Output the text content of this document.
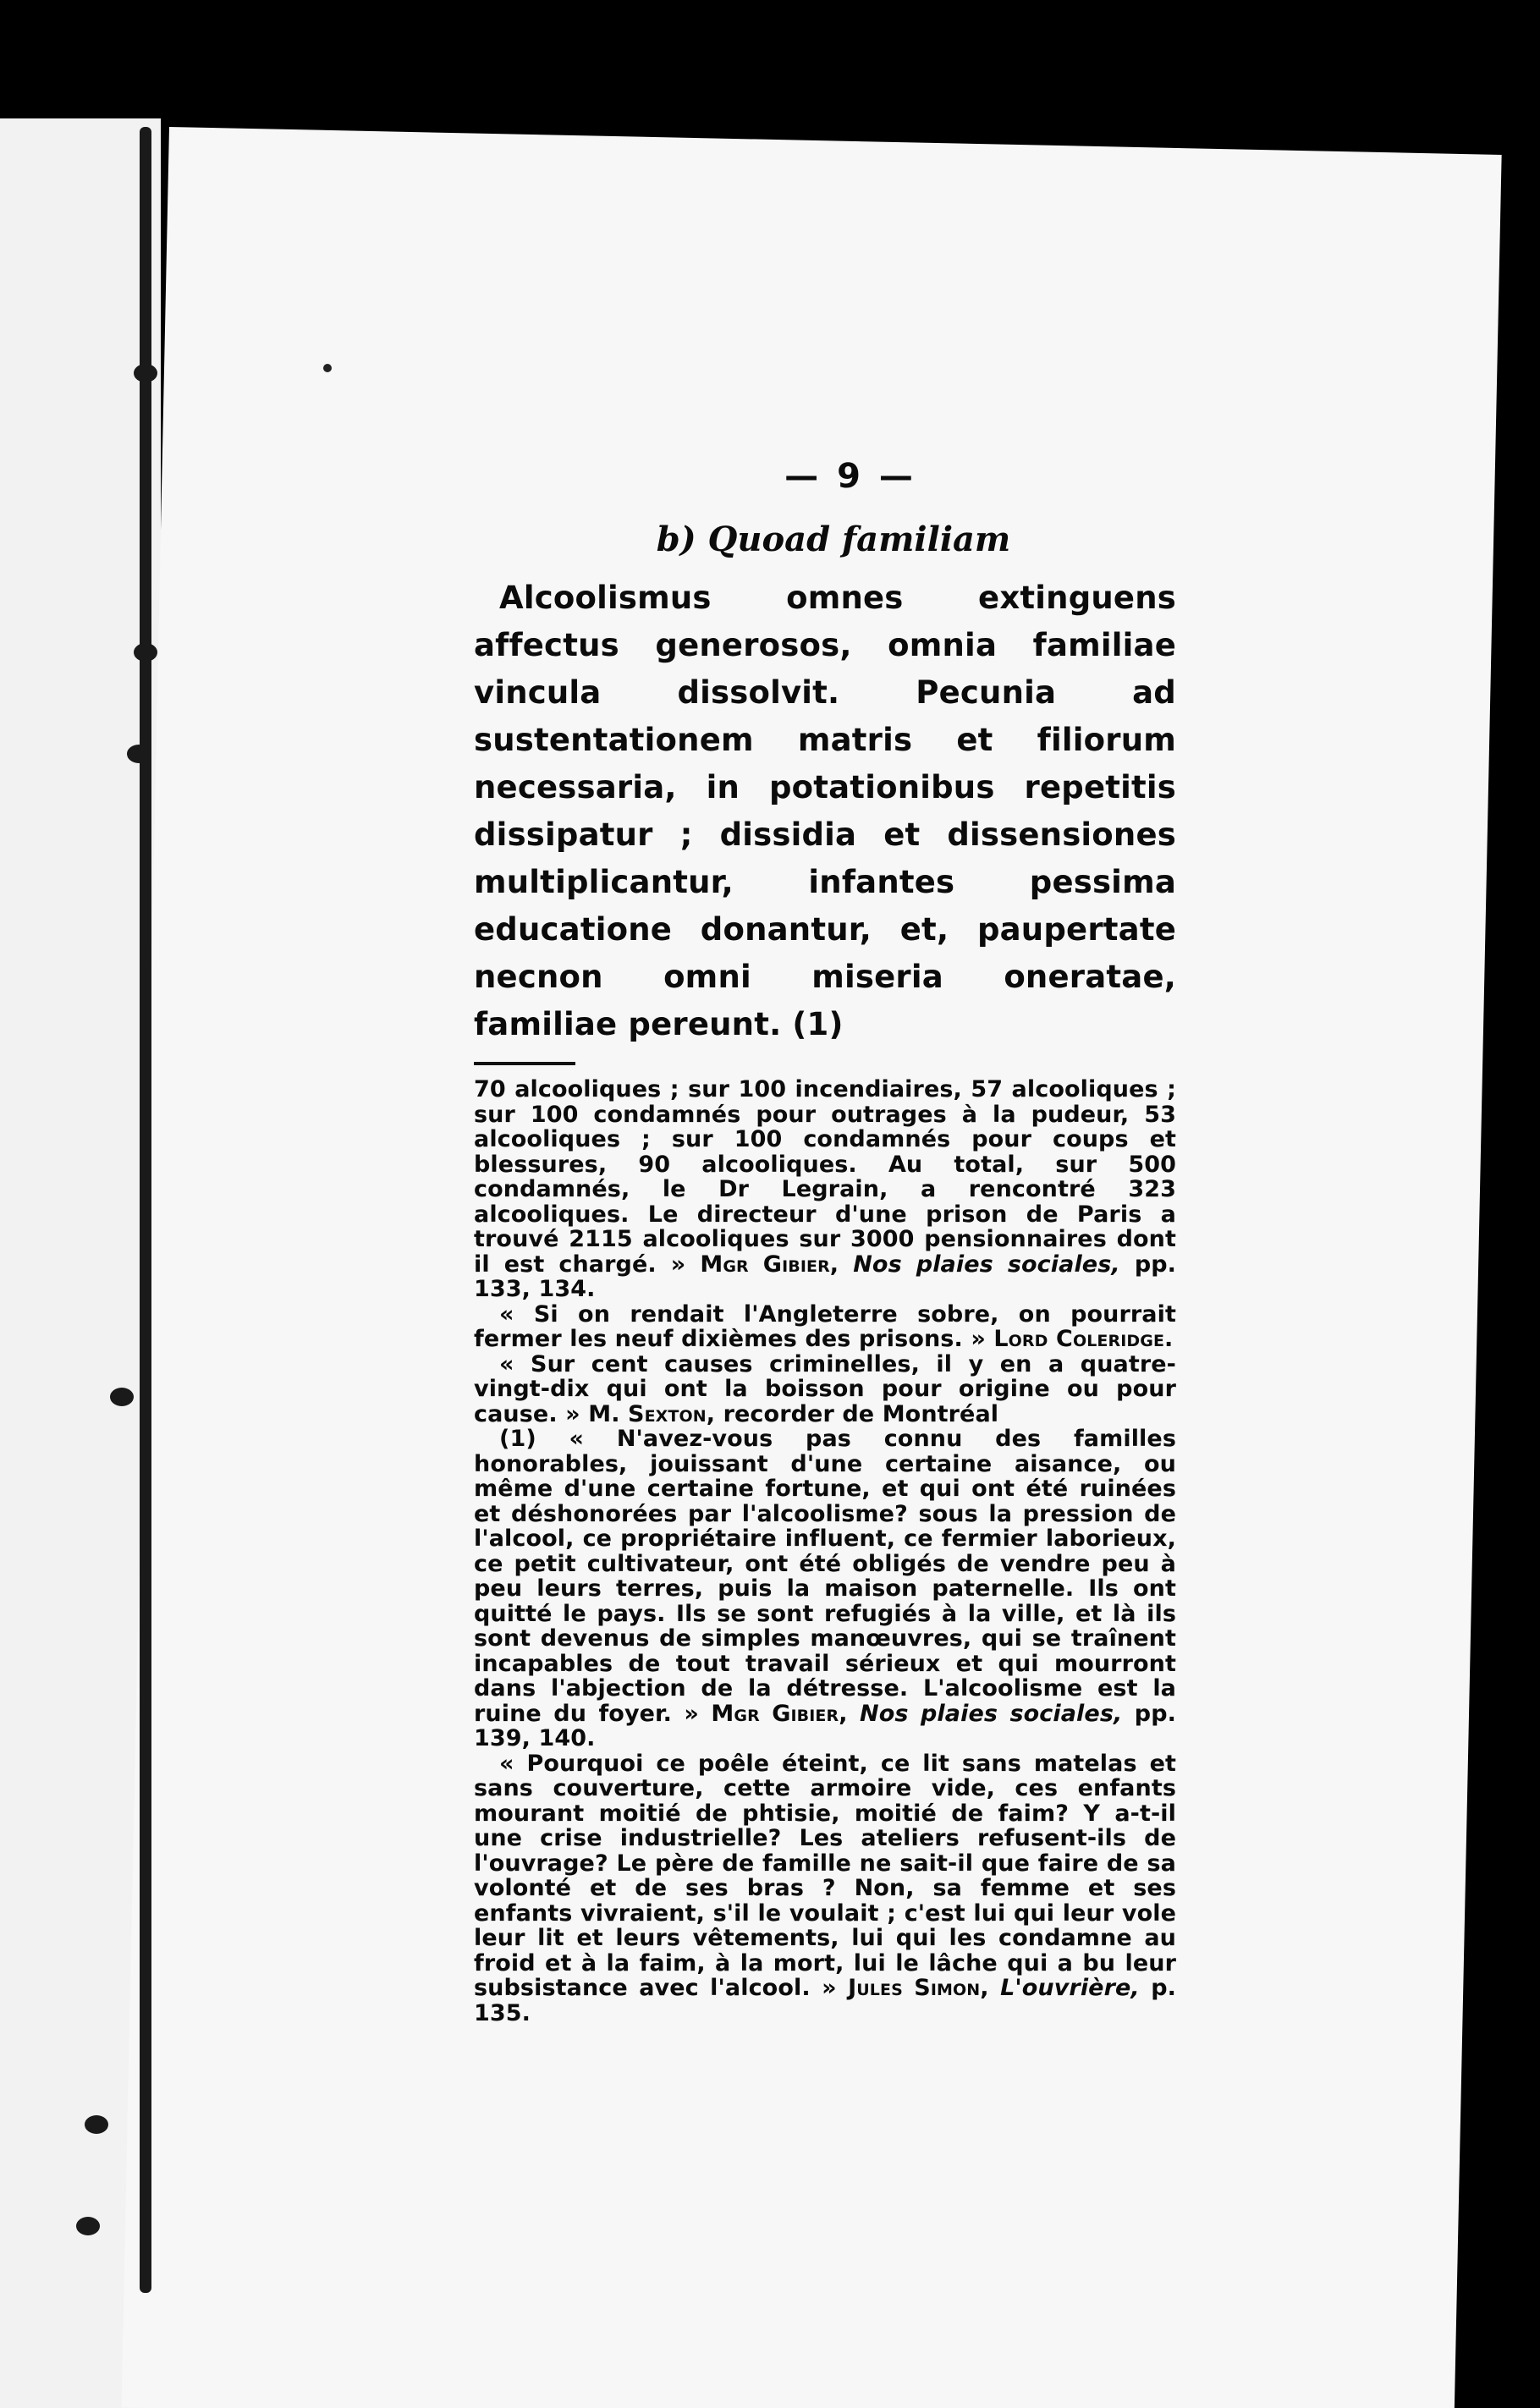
— 9 —
b) Quoad familiam

Alcoolismus omnes extinguens affectus generosos, omnia familiae vincula dissolvit. Pecunia ad sustentationem matris et filiorum necessaria, in potationibus repetitis dissipatur ; dissidia et dissensiones multiplicantur, infantes pessima educatione donantur, et, paupertate necnon omni miseria oneratae, familiae pereunt. (1)

70 alcooliques ; sur 100 incendiaires, 57 alcooliques ; sur 100 condamnés pour outrages à la pudeur, 53 alcooliques ; sur 100 condamnés pour coups et blessures, 90 alcooliques. Au total, sur 500 condamnés, le Dr Legrain, a rencontré 323 alcooliques. Le directeur d'une prison de Paris a trouvé 2115 alcooliques sur 3000 pensionnaires dont il est chargé. » Mgr Gibier, Nos plaies sociales, pp. 133, 134.

« Si on rendait l'Angleterre sobre, on pourrait fermer les neuf dixièmes des prisons. » Lord Coleridge.

« Sur cent causes criminelles, il y en a quatre-vingt-dix qui ont la boisson pour origine ou pour cause. » M. Sexton, recorder de Montréal

(1) « N'avez-vous pas connu des familles honorables, jouissant d'une certaine aisance, ou même d'une certaine fortune, et qui ont été ruinées et déshonorées par l'alcoolisme? sous la pression de l'alcool, ce propriétaire influent, ce fermier laborieux, ce petit cultivateur, ont été obligés de vendre peu à peu leurs terres, puis la maison paternelle. Ils ont quitté le pays. Ils se sont refugiés à la ville, et là ils sont devenus de simples manœuvres, qui se traînent incapables de tout travail sérieux et qui mourront dans l'abjection de la détresse. L'alcoolisme est la ruine du foyer. » Mgr Gibier, Nos plaies sociales, pp. 139, 140.

« Pourquoi ce poêle éteint, ce lit sans matelas et sans couverture, cette armoire vide, ces enfants mourant moitié de phtisie, moitié de faim? Y a-t-il une crise industrielle? Les ateliers refusent-ils de l'ouvrage? Le père de famille ne sait-il que faire de sa volonté et de ses bras ? Non, sa femme et ses enfants vivraient, s'il le voulait ; c'est lui qui leur vole leur lit et leurs vêtements, lui qui les condamne au froid et à la faim, à la mort, lui le lâche qui a bu leur subsistance avec l'alcool. » Jules Simon, L'ouvrière, p. 135.
